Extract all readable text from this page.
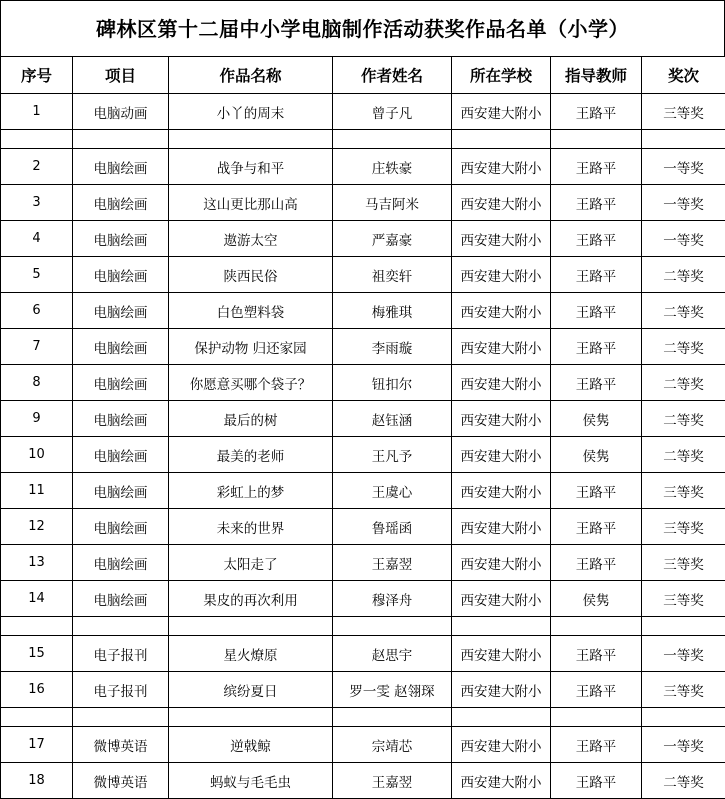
碑林区第十二届中小学电脑制作活动获奖作品名单（小学）
序号	项目	作品名称	作者姓名	所在学校	指导教师	奖次
1	电脑动画	小丫的周末	曾子凡	西安建大附小	王路平	三等奖

2	电脑绘画	战争与和平	庄轶豪	西安建大附小	王路平	一等奖
3	电脑绘画	这山更比那山高	马吉阿米	西安建大附小	王路平	一等奖
4	电脑绘画	遨游太空	严嘉豪	西安建大附小	王路平	一等奖
5	电脑绘画	陕西民俗	祖奕轩	西安建大附小	王路平	二等奖
6	电脑绘画	白色塑料袋	梅雅琪	西安建大附小	王路平	二等奖
7	电脑绘画	保护动物 归还家园	李雨璇	西安建大附小	王路平	二等奖
8	电脑绘画	你愿意买哪个袋子？	钮扣尔	西安建大附小	王路平	二等奖
9	电脑绘画	最后的树	赵钰涵	西安建大附小	侯隽	二等奖
10	电脑绘画	最美的老师	王凡予	西安建大附小	侯隽	二等奖
11	电脑绘画	彩虹上的梦	王虞心	西安建大附小	王路平	三等奖
12	电脑绘画	未来的世界	鲁瑶函	西安建大附小	王路平	三等奖
13	电脑绘画	太阳走了	王嘉翌	西安建大附小	王路平	三等奖
14	电脑绘画	果皮的再次利用	穆泽舟	西安建大附小	侯隽	三等奖

15	电子报刊	星火燎原	赵思宇	西安建大附小	王路平	一等奖
16	电子报刊	缤纷夏日	罗一雯 赵翎琛	西安建大附小	王路平	三等奖

17	微博英语	逆戟鲸	宗靖芯	西安建大附小	王路平	一等奖
18	微博英语	蚂蚁与毛毛虫	王嘉翌	西安建大附小	王路平	二等奖
